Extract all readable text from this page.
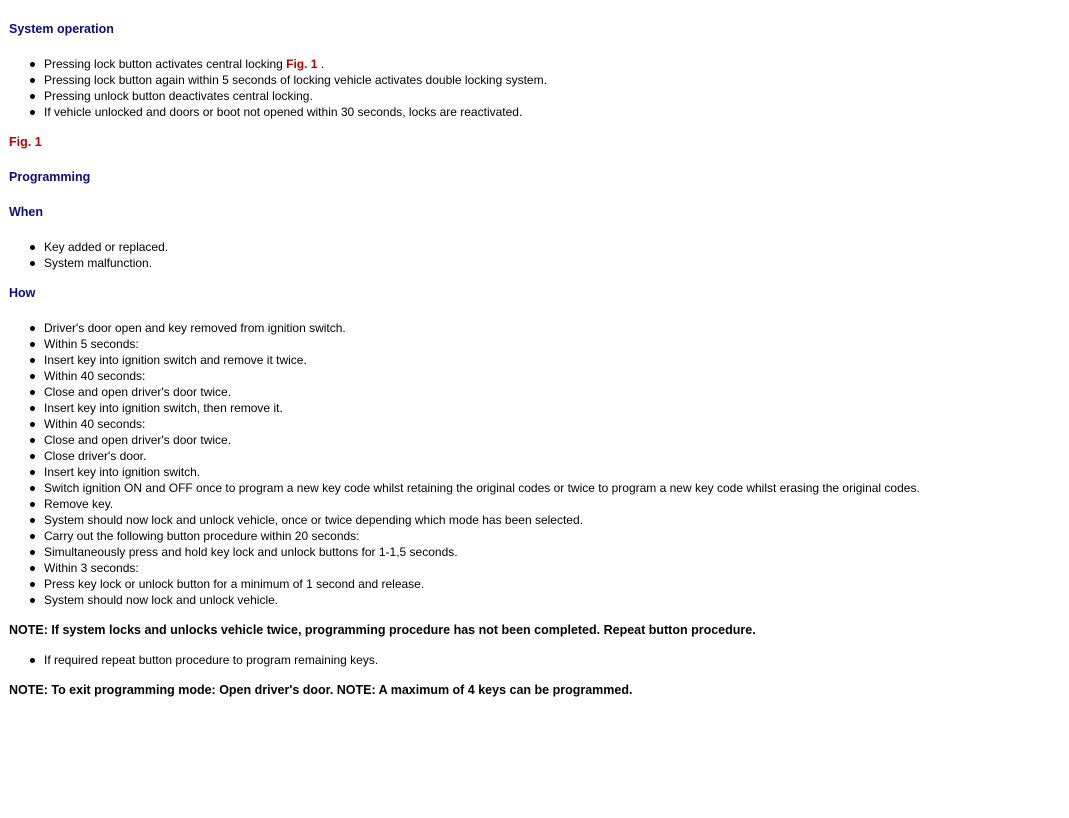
System operation
Pressing lock button activates central locking Fig. 1 .
Pressing lock button again within 5 seconds of locking vehicle activates double locking system.
Pressing unlock button deactivates central locking.
If vehicle unlocked and doors or boot not opened within 30 seconds, locks are reactivated.
Fig. 1
Programming
When
Key added or replaced.
System malfunction.
How
Driver's door open and key removed from ignition switch.
Within 5 seconds:
Insert key into ignition switch and remove it twice.
Within 40 seconds:
Close and open driver's door twice.
Insert key into ignition switch, then remove it.
Within 40 seconds:
Close and open driver's door twice.
Close driver's door.
Insert key into ignition switch.
Switch ignition ON and OFF once to program a new key code whilst retaining the original codes or twice to program a new key code whilst erasing the original codes.
Remove key.
System should now lock and unlock vehicle, once or twice depending which mode has been selected.
Carry out the following button procedure within 20 seconds:
Simultaneously press and hold key lock and unlock buttons for 1-1,5 seconds.
Within 3 seconds:
Press key lock or unlock button for a minimum of 1 second and release.
System should now lock and unlock vehicle.

NOTE: If system locks and unlocks vehicle twice, programming procedure has not been completed. Repeat button procedure.

If required repeat button procedure to program remaining keys.

NOTE: To exit programming mode: Open driver's door. NOTE: A maximum of 4 keys can be programmed.
